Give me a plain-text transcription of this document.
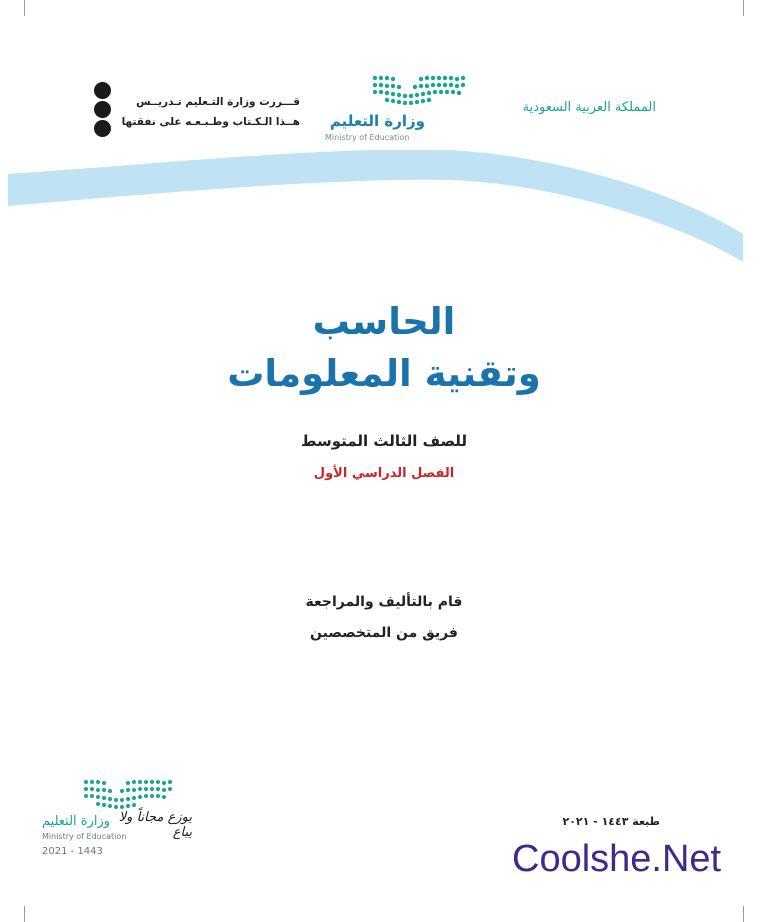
المملكة العربية السعودية
وزارة التعليم
Ministry of Education
قـــررت وزارة التـعليم تـدريــس
هــذا الـكـتاب وطـبـعـه على نفقتها
الحاسب
وتقنية المعلومات
للصف الثالث المتوسط
الفصل الدراسي الأول
قام بالتأليف والمراجعة
فريق من المتخصصين
وزارة التعليم يوزع مجاناً ولا يباع
Ministry of Education
2021 - 1443
طبعة ١٤٤٣ - ٢٠٢١
Coolshe.Net
